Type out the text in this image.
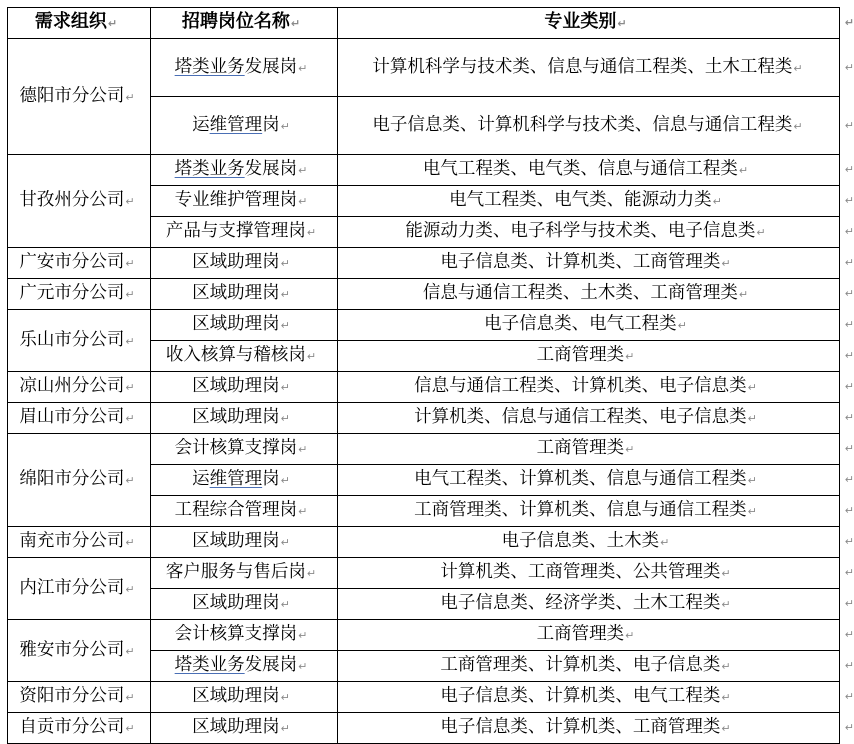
需求组织↵	招聘岗位名称↵	专业类别↵ ↵

德阳市分公司↵	塔类业务发展岗↵	计算机科学与技术类、信息与通信工程类、土木工程类↵ ↵

	运维管理岗↵	电子信息类、计算机科学与技术类、信息与通信工程类↵ ↵

甘孜州分公司↵	塔类业务发展岗↵	电气工程类、电气类、信息与通信工程类↵ ↵

	专业维护管理岗↵	电气工程类、电气类、能源动力类↵ ↵

	产品与支撑管理岗↵	能源动力类、电子科学与技术类、电子信息类↵ ↵

广安市分公司↵	区域助理岗↵	电子信息类、计算机类、工商管理类↵ ↵

广元市分公司↵	区域助理岗↵	信息与通信工程类、土木类、工商管理类↵ ↵

乐山市分公司↵	区域助理岗↵	电子信息类、电气工程类↵ ↵

	收入核算与稽核岗↵	工商管理类↵ ↵

凉山州分公司↵	区域助理岗↵	信息与通信工程类、计算机类、电子信息类↵ ↵

眉山市分公司↵	区域助理岗↵	计算机类、信息与通信工程类、电子信息类↵ ↵

绵阳市分公司↵	会计核算支撑岗↵	工商管理类↵ ↵

	运维管理岗↵	电气工程类、计算机类、信息与通信工程类↵ ↵

	工程综合管理岗↵	工商管理类、计算机类、信息与通信工程类↵ ↵

南充市分公司↵	区域助理岗↵	电子信息类、土木类↵ ↵

内江市分公司↵	客户服务与售后岗↵	计算机类、工商管理类、公共管理类↵ ↵

	区域助理岗↵	电子信息类、经济学类、土木工程类↵ ↵

雅安市分公司↵	会计核算支撑岗↵	工商管理类↵ ↵

	塔类业务发展岗↵	工商管理类、计算机类、电子信息类↵ ↵

资阳市分公司↵	区域助理岗↵	电子信息类、计算机类、电气工程类↵ ↵

自贡市分公司↵	区域助理岗↵	电子信息类、计算机类、工商管理类↵ ↵
